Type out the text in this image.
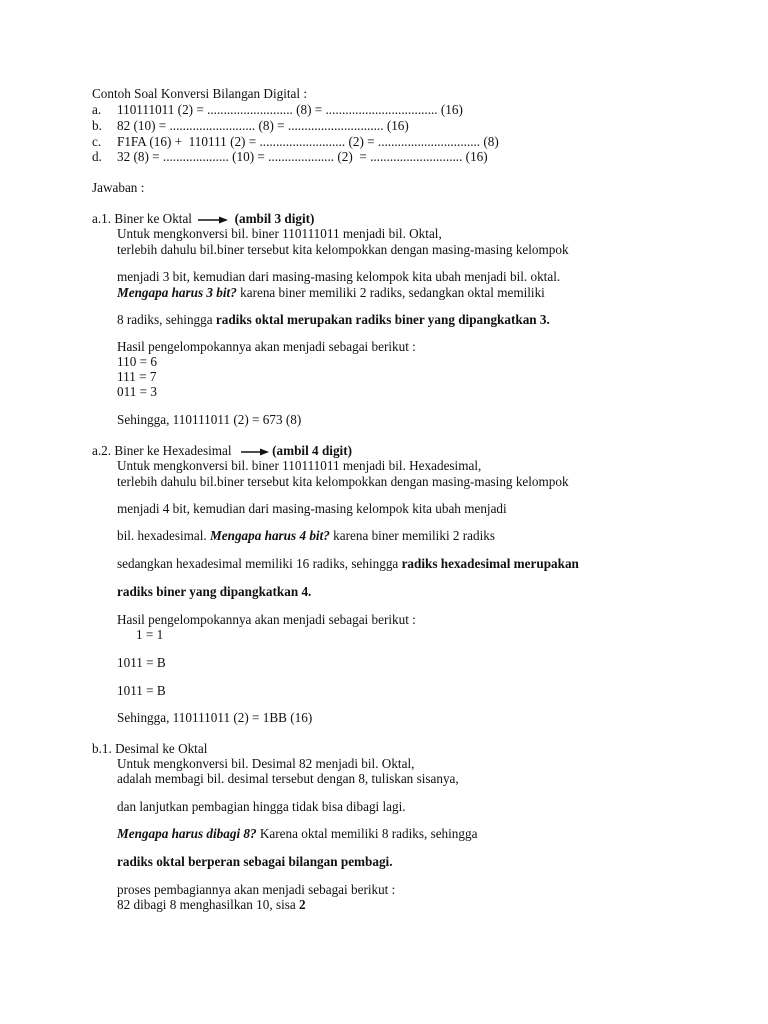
Contoh Soal Konversi Bilangan Digital :
a. 110111011 (2) = .......................... (8) = .................................. (16)
b. 82 (10) = .......................... (8) = ............................. (16)
c. F1FA (16) +  110111 (2) = .......................... (2) = ............................... (8)
d. 32 (8) = .................... (10) = .................... (2)  = ............................ (16)
Jawaban :
a.1. Biner ke Oktal	(ambil 3 digit)
Untuk mengkonversi bil. biner 110111011 menjadi bil. Oktal,
terlebih dahulu bil.biner tersebut kita kelompokkan dengan masing-masing kelompok
menjadi 3 bit, kemudian dari masing-masing kelompok kita ubah menjadi bil. oktal.
Mengapa harus 3 bit? karena biner memiliki 2 radiks, sedangkan oktal memiliki
8 radiks, sehingga radiks oktal merupakan radiks biner yang dipangkatkan 3.
Hasil pengelompokannya akan menjadi sebagai berikut :
110 = 6
111 = 7
011 = 3
Sehingga, 110111011 (2) = 673 (8)
a.2. Biner ke Hexadesimal	(ambil 4 digit)
Untuk mengkonversi bil. biner 110111011 menjadi bil. Hexadesimal,
terlebih dahulu bil.biner tersebut kita kelompokkan dengan masing-masing kelompok
menjadi 4 bit, kemudian dari masing-masing kelompok kita ubah menjadi
bil. hexadesimal. Mengapa harus 4 bit? karena biner memiliki 2 radiks
sedangkan hexadesimal memiliki 16 radiks, sehingga radiks hexadesimal merupakan
radiks biner yang dipangkatkan 4.
Hasil pengelompokannya akan menjadi sebagai berikut :
1 = 1
1011 = B
1011 = B
Sehingga, 110111011 (2) = 1BB (16)
b.1. Desimal ke Oktal
Untuk mengkonversi bil. Desimal 82 menjadi bil. Oktal,
adalah membagi bil. desimal tersebut dengan 8, tuliskan sisanya,
dan lanjutkan pembagian hingga tidak bisa dibagi lagi.
Mengapa harus dibagi 8? Karena oktal memiliki 8 radiks, sehingga
radiks oktal berperan sebagai bilangan pembagi.
proses pembagiannya akan menjadi sebagai berikut :
82 dibagi 8 menghasilkan 10, sisa 2
